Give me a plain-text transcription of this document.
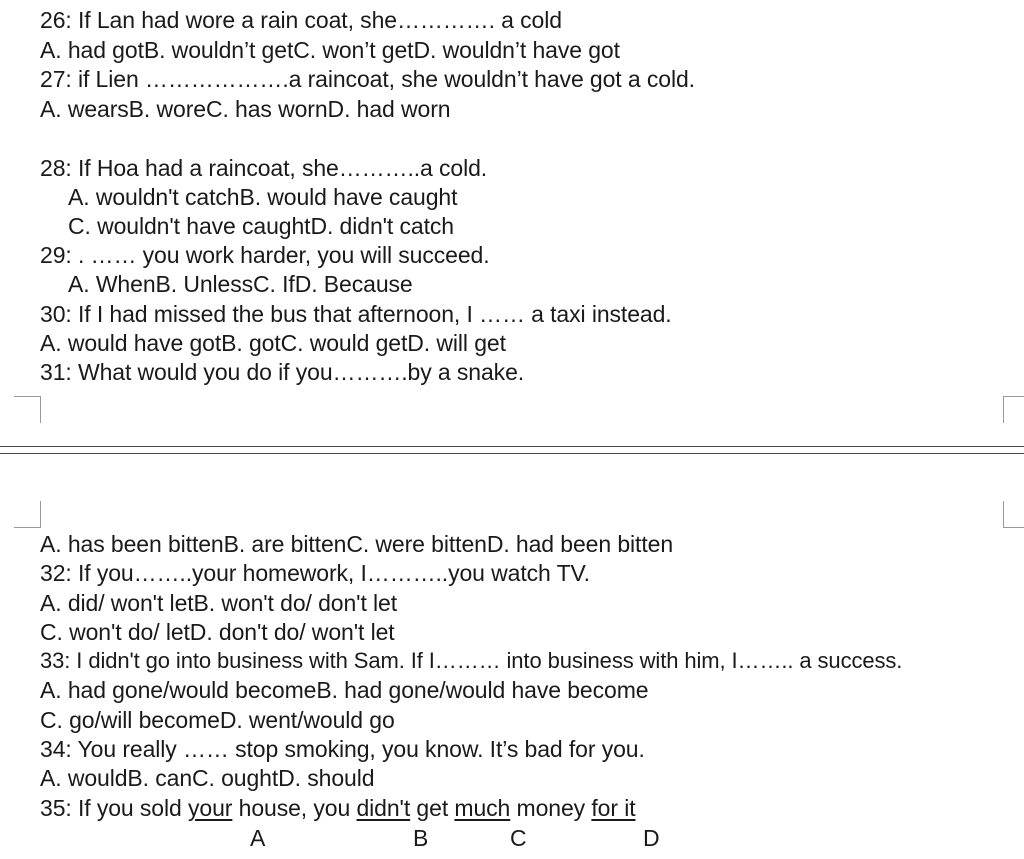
26: If Lan had wore a rain coat, she…………. a cold
A. had gotB. wouldn’t getC. won’t getD. wouldn’t have got
27: if Lien ……………….a raincoat, she wouldn’t have got a cold.
A. wearsB. woreC. has wornD. had worn
28: If Hoa had a raincoat, she………..a cold.
A. wouldn't catchB. would have caught
C. wouldn't have caughtD. didn't catch
29: . …… you work harder, you will succeed.
A. WhenB. UnlessC. IfD. Because
30: If I had missed the bus that afternoon, I …… a taxi instead.
A. would have gotB. gotC. would getD. will get
31: What would you do if you……….by a snake.
A. has been bittenB. are bittenC. were bittenD. had been bitten
32: If you……..your homework, I………..you watch TV.
A. did/ won't letB. won't do/ don't let
C. won't do/ letD. don't do/ won't let
33: I didn't go into business with Sam. If I……… into business with him, I…….. a success.
A. had gone/would becomeB. had gone/would have become
C. go/will becomeD. went/would go
34: You really …… stop smoking, you know. It’s bad for you.
A. wouldB. canC. oughtD. should
35: If you sold your house, you didn't get much money for it
A	B	C	D
